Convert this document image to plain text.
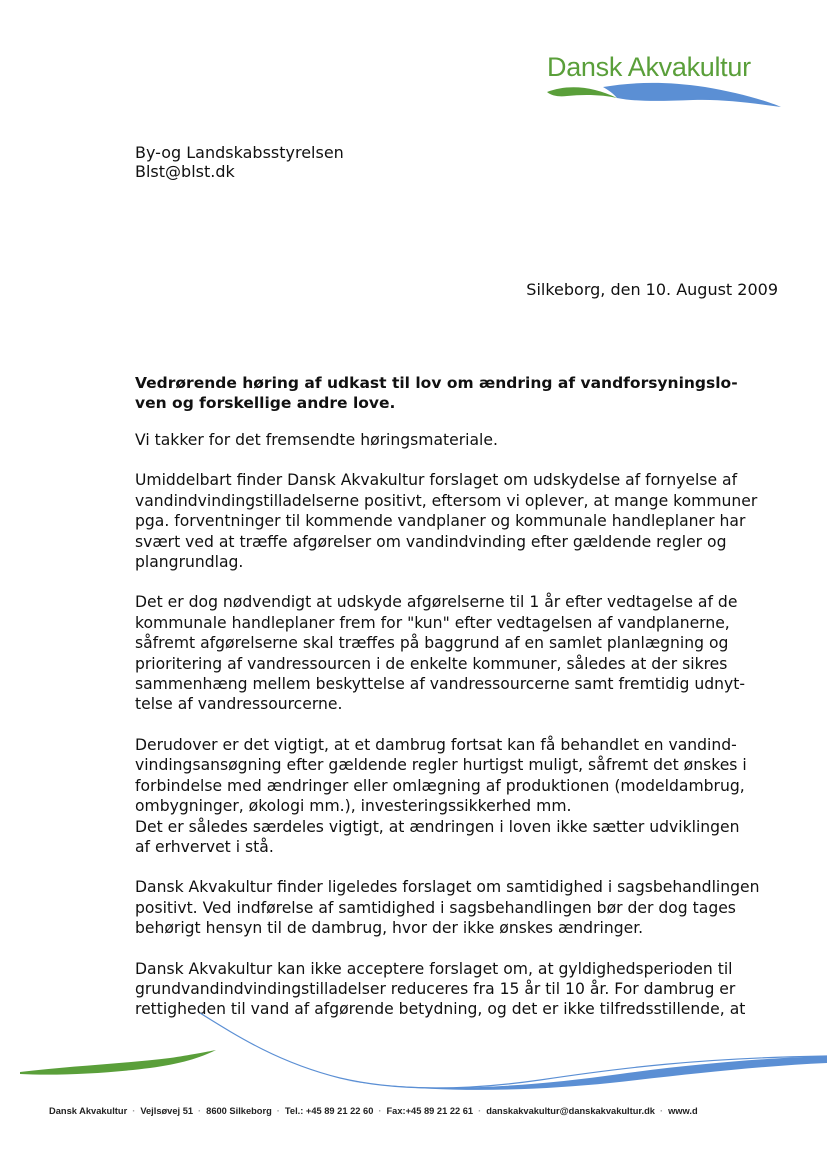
Dansk Akvakultur
By-og Landskabsstyrelsen
Blst@blst.dk
Silkeborg, den 10. August 2009
Vedrørende høring af udkast til lov om ændring af vandforsyningslo-
ven og forskellige andre love.

Vi takker for det fremsendte høringsmateriale.

Umiddelbart finder Dansk Akvakultur forslaget om udskydelse af fornyelse af
vandindvindingstilladelserne positivt, eftersom vi oplever, at mange kommuner
pga. forventninger til kommende vandplaner og kommunale handleplaner har
svært ved at træffe afgørelser om vandindvinding efter gældende regler og
plangrundlag.

Det er dog nødvendigt at udskyde afgørelserne til 1 år efter vedtagelse af de
kommunale handleplaner frem for "kun" efter vedtagelsen af vandplanerne,
såfremt afgørelserne skal træffes på baggrund af en samlet planlægning og
prioritering af vandressourcen i de enkelte kommuner, således at der sikres
sammenhæng mellem beskyttelse af vandressourcerne samt fremtidig udnyt-
telse af vandressourcerne.

Derudover er det vigtigt, at et dambrug fortsat kan få behandlet en vandind-
vindingsansøgning efter gældende regler hurtigst muligt, såfremt det ønskes i
forbindelse med ændringer eller omlægning af produktionen (modeldambrug,
ombygninger, økologi mm.), investeringssikkerhed mm.
Det er således særdeles vigtigt, at ændringen i loven ikke sætter udviklingen
af erhvervet i stå.

Dansk Akvakultur finder ligeledes forslaget om samtidighed i sagsbehandlingen
positivt. Ved indførelse af samtidighed i sagsbehandlingen bør der dog tages
behørigt hensyn til de dambrug, hvor der ikke ønskes ændringer.

Dansk Akvakultur kan ikke acceptere forslaget om, at gyldighedsperioden til
grundvandindvindingstilladelser reduceres fra 15 år til 10 år. For dambrug er
rettigheden til vand af afgørende betydning, og det er ikke tilfredsstillende, at

Dansk Akvakultur · Vejlsøvej 51 · 8600 Silkeborg · Tel.: +45 89 21 22 60 · Fax:+45 89 21 22 61 · danskakvakultur@danskakvakultur.dk · www.d
